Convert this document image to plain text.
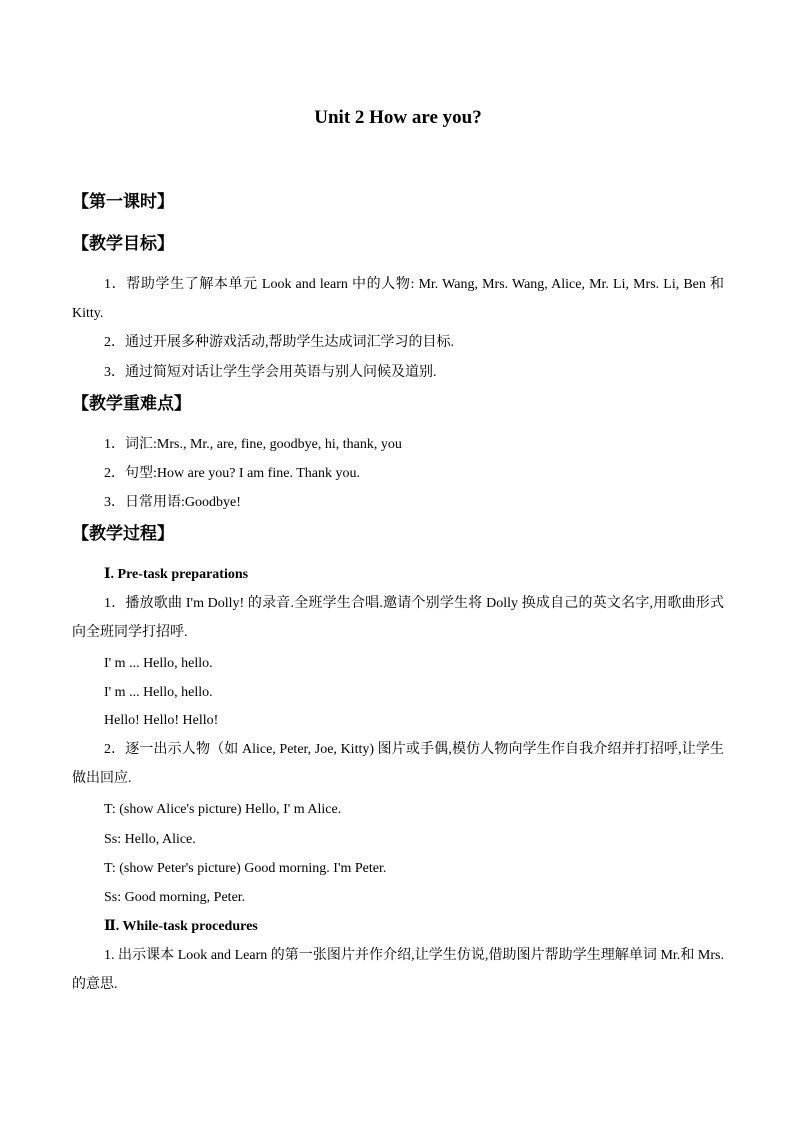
Unit 2 How are you?
【第一课时】
【教学目标】
1．帮助学生了解本单元 Look and learn 中的人物: Mr. Wang, Mrs. Wang, Alice, Mr. Li, Mrs. Li, Ben 和 Kitty.
2．通过开展多种游戏活动,帮助学生达成词汇学习的目标.
3．通过简短对话让学生学会用英语与别人问候及道别.
【教学重难点】
1．词汇:Mrs., Mr., are, fine, goodbye, hi, thank, you
2．句型:How are you? I am fine. Thank you.
3．日常用语:Goodbye!
【教学过程】
Ⅰ. Pre-task preparations
1．播放歌曲 I'm Dolly! 的录音.全班学生合唱.邀请个别学生将 Dolly 换成自己的英文名字,用歌曲形式向全班同学打招呼.
I' m ... Hello, hello.
I' m ... Hello, hello.
Hello! Hello! Hello!
2．逐一出示人物（如 Alice, Peter, Joe, Kitty) 图片或手偶,模仿人物向学生作自我介绍并打招呼,让学生做出回应.
T: (show Alice's picture) Hello, I' m Alice.
Ss: Hello, Alice.
T: (show Peter's picture) Good morning. I'm Peter.
Ss: Good morning, Peter.
Ⅱ. While-task procedures
1. 出示课本 Look and Learn 的第一张图片并作介绍,让学生仿说,借助图片帮助学生理解单词 Mr.和 Mrs.的意思.
